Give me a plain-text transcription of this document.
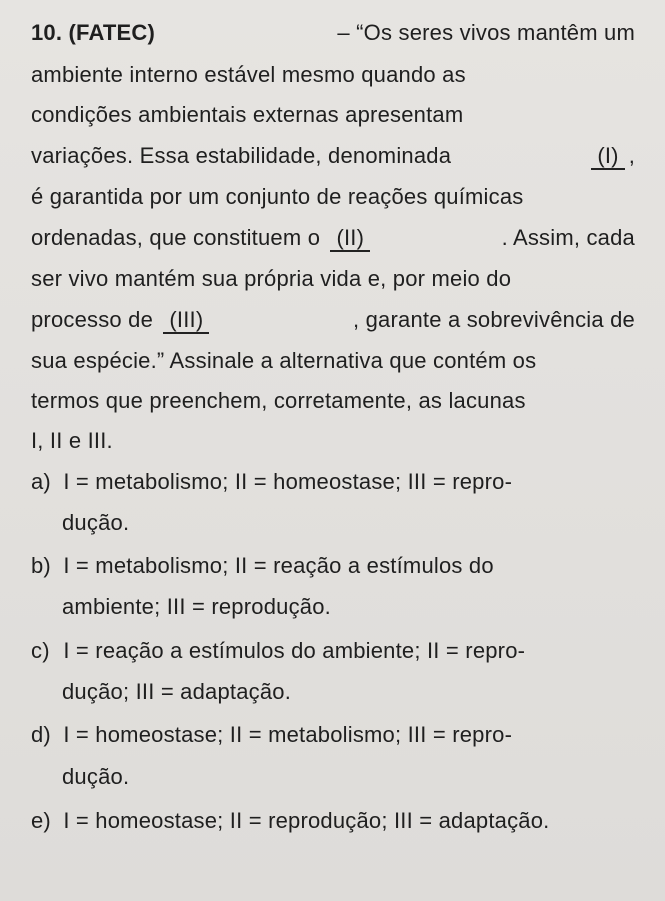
10. (FATEC)	– “Os seres vivos mantêm um
ambiente interno estável mesmo quando as
condições ambientais externas apresentam
variações. Essa estabilidade, denominada	(I) ,
é garantida por um conjunto de reações químicas
ordenadas, que constituem o (II)	. Assim, cada
ser vivo mantém sua própria vida e, por meio do
processo de (III)	, garante a sobrevivência de
sua espécie.” Assinale a alternativa que contém os
termos que preenchem, corretamente, as lacunas
I, II e III.
a) I = metabolismo; II = homeostase; III = repro-
dução.
b) I = metabolismo; II = reação a estímulos do
ambiente; III = reprodução.
c) I = reação a estímulos do ambiente; II = repro-
dução; III = adaptação.
d) I = homeostase; II = metabolismo; III = repro-
dução.
e) I = homeostase; II = reprodução; III = adaptação.
